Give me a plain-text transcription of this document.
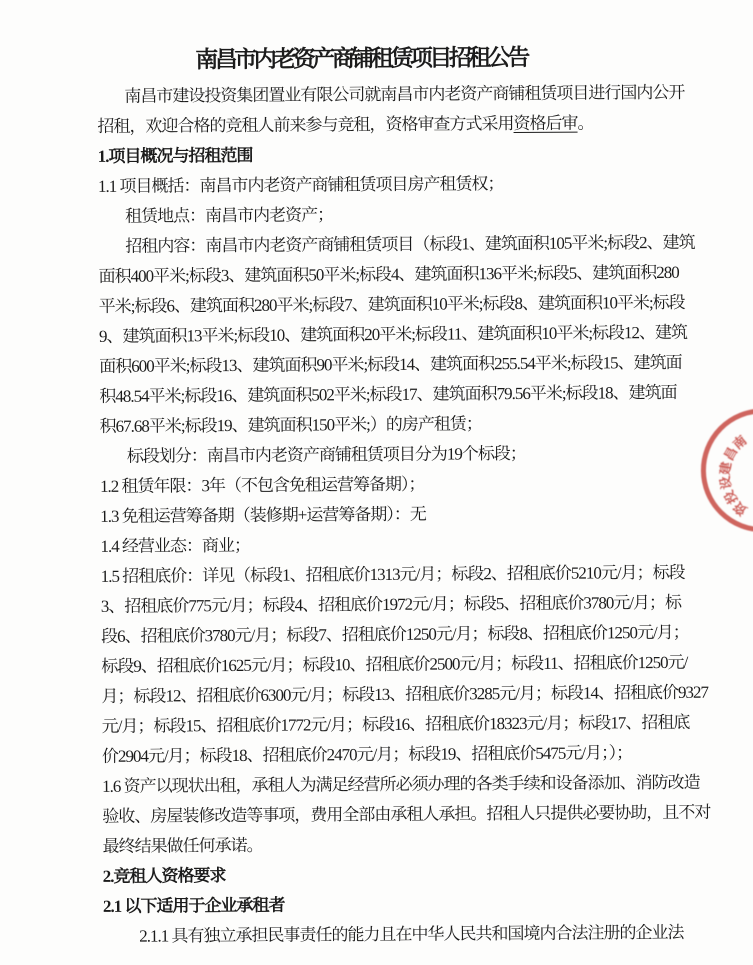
南昌市内老资产商铺租赁项目招租公告
南昌市建设投资集团置业有限公司就南昌市内老资产商铺租赁项目进行国内公开
招租，欢迎合格的竞租人前来参与竞租，资格审查方式采用资格后审。
1.项目概况与招租范围
1.1 项目概括：南昌市内老资产商铺租赁项目房产租赁权；
租赁地点：南昌市内老资产；
招租内容：南昌市内老资产商铺租赁项目（标段1、建筑面积105平米;标段2、建筑
面积400平米;标段3、建筑面积50平米;标段4、建筑面积136平米;标段5、建筑面积280
平米;标段6、建筑面积280平米;标段7、建筑面积10平米;标段8、建筑面积10平米;标段
9、建筑面积13平米;标段10、建筑面积20平米;标段11、建筑面积10平米;标段12、建筑
面积600平米;标段13、建筑面积90平米;标段14、建筑面积255.54平米;标段15、建筑面
积48.54平米;标段16、建筑面积502平米;标段17、建筑面积79.56平米;标段18、建筑面
积67.68平米;标段19、建筑面积150平米;）的房产租赁；
标段划分：南昌市内老资产商铺租赁项目分为19个标段；
1.2 租赁年限：3年（不包含免租运营筹备期）；
1.3 免租运营筹备期（装修期+运营筹备期）：无
1.4 经营业态：商业；
1.5 招租底价：详见（标段1、招租底价1313元/月；标段2、招租底价5210元/月；标段
3、招租底价775元/月；标段4、招租底价1972元/月；标段5、招租底价3780元/月；标
段6、招租底价3780元/月；标段7、招租底价1250元/月；标段8、招租底价1250元/月；
标段9、招租底价1625元/月；标段10、招租底价2500元/月；标段11、招租底价1250元/
月；标段12、招租底价6300元/月；标段13、招租底价3285元/月；标段14、招租底价9327
元/月；标段15、招租底价1772元/月；标段16、招租底价18323元/月；标段17、招租底
价2904元/月；标段18、招租底价2470元/月；标段19、招租底价5475元/月；）；
1.6 资产以现状出租，承租人为满足经营所必须办理的各类手续和设备添加、消防改造
验收、房屋装修改造等事项，费用全部由承租人承担。招租人只提供必要协助，且不对
最终结果做任何承诺。
2.竞租人资格要求
2.1 以下适用于企业承租者
2.1.1 具有独立承担民事责任的能力且在中华人民共和国境内合法注册的企业法
南
昌
建
设
投
资
